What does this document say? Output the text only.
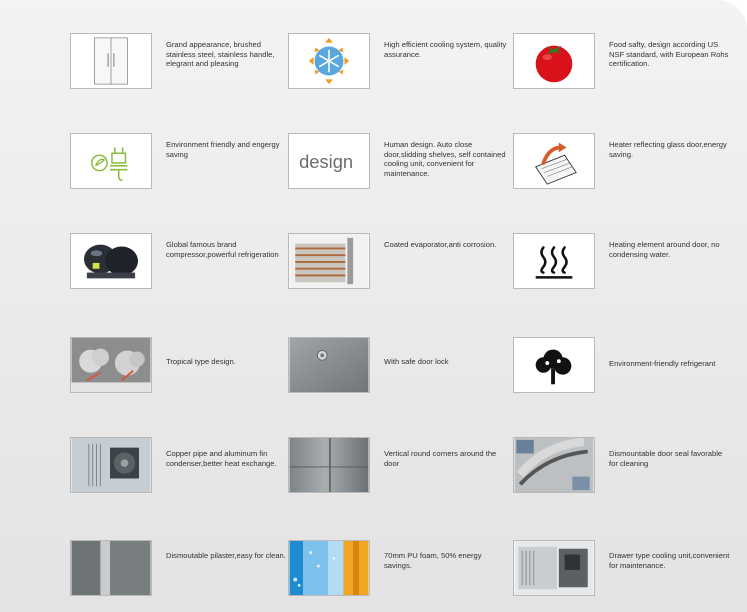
Grand appearance, brushed stainless steel, stainless handle, elegrant and pleasing
High efficient cooling system, quality assurance.
Food safty, design according US NSF standard, with European Rohs certification.
Environment friendly and engergy saving	design
Human design. Auto close door,slidding shelves, self contained cooling unit, convenient for maintenance.
Heater reflecting glass door,energy saving.
Global famous brand compressor,powerful refrigeration
Coated evaporator,anti corrosion.	Heating element around door, no condensing water.
Tropical type design.	With safe door lock	Environment-friendly refrigerant
Copper pipe and aluminum fin condenser,better heat exchange.
Vertical round corners around the door
Dismountable door seal favorable for cleaning
Dismoutable pilaster,easy for clean.	70mm PU foam, 50% energy savings.
Drawer type cooling unit,convenient for maintenance.
